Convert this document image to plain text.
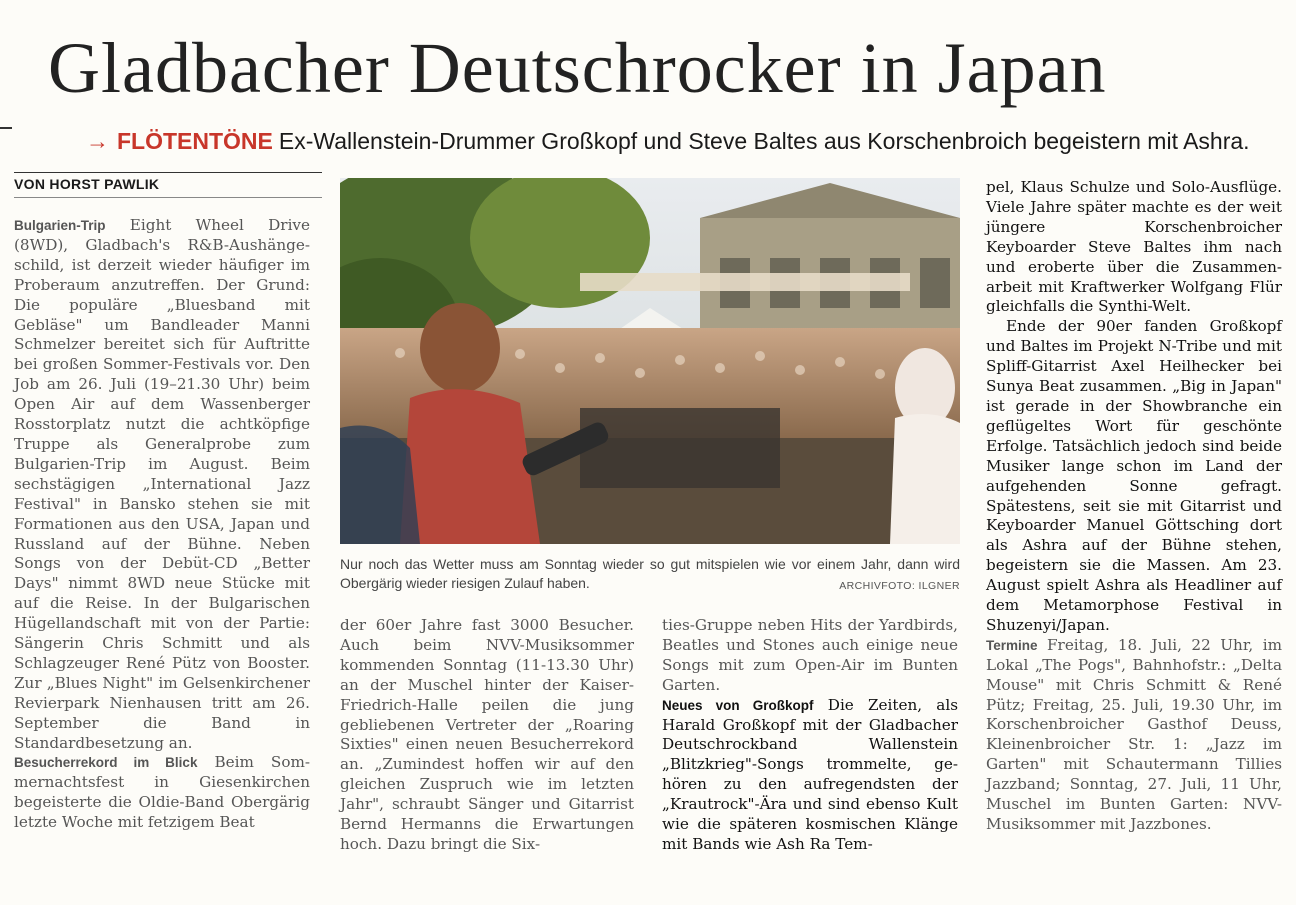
Gladbacher Deutschrocker in Japan
→ FLÖTENTÖNE Ex-Wallenstein-Drummer Großkopf und Steve Baltes aus Korschenbroich begeistern mit Ashra.
VON HORST PAWLIK

Bulgarien-Trip Eight Wheel Drive (8WD), Gladbach's R&B-Aushängeschild, ist derzeit wieder häufiger im Proberaum anzutreffen. Der Grund: Die populäre „Bluesband mit Gebläse" um Bandleader Manni Schmelzer bereitet sich für Auftritte bei großen Sommer-Festivals vor. Den Job am 26. Juli (19–21.30 Uhr) beim Open Air auf dem Wassenberger Rosstorplatz nutzt die achtköpfige Truppe als Generalprobe zum Bulgarien-Trip im August. Beim sechstägigen „International Jazz Festival" in Bansko stehen sie mit Formationen aus den USA, Japan und Russland auf der Bühne. Neben Songs von der Debüt-CD „Better Days" nimmt 8WD neue Stücke mit auf die Reise. In der Bulgarischen Hügellandschaft mit von der Partie: Sängerin Chris Schmitt und als Schlagzeuger René Pütz von Booster. Zur „Blues Night" im Gelsenkirchener Revierpark Nienhausen tritt am 26. September die Band in Standardbesetzung an.

Besucherrekord im Blick Beim Sommernachtsfest in Giesenkirchen begeisterte die Oldie-Band Obergärig letzte Woche mit fetzigem Beat

Nur noch das Wetter muss am Sonntag wieder so gut mitspielen wie vor einem Jahr, dann wird Obergärig wieder riesigen Zulauf haben.	ARCHIVFOTO: ILGNER

der 60er Jahre fast 3000 Besucher. Auch beim NVV-Musiksommer kommenden Sonntag (11-13.30 Uhr) an der Muschel hinter der Kaiser-Friedrich-Halle peilen die jung gebliebenen Vertreter der „Roaring Sixties" einen neuen Besucherrekord an. „Zumindest hoffen wir auf den gleichen Zuspruch wie im letzten Jahr", schraubt Sänger und Gitarrist Bernd Hermanns die Erwartungen hoch. Dazu bringt die Six-

ties-Gruppe neben Hits der Yardbirds, Beatles und Stones auch einige neue Songs mit zum Open-Air im Bunten Garten.

Neues von Großkopf Die Zeiten, als Harald Großkopf mit der Gladbacher Deutschrockband Wallenstein „Blitzkrieg"-Songs trommelte, gehören zu den aufregendsten der „Krautrock"-Ära und sind ebenso Kult wie die späteren kosmischen Klänge mit Bands wie Ash Ra Tem-

pel, Klaus Schulze und Solo-Ausflüge. Viele Jahre später machte es der weit jüngere Korschenbroicher Keyboarder Steve Baltes ihm nach und eroberte über die Zusammenarbeit mit Kraftwerker Wolfgang Flür gleichfalls die Synthi-Welt.

Ende der 90er fanden Großkopf und Baltes im Projekt N-Tribe und mit Spliff-Gitarrist Axel Heilhecker bei Sunya Beat zusammen. „Big in Japan" ist gerade in der Showbranche ein geflügeltes Wort für geschönte Erfolge. Tatsächlich jedoch sind beide Musiker lange schon im Land der aufgehenden Sonne gefragt. Spätestens, seit sie mit Gitarrist und Keyboarder Manuel Göttsching dort als Ashra auf der Bühne stehen, begeistern sie die Massen. Am 23. August spielt Ashra als Headliner auf dem Metamorphose Festival in Shuzenyi/Japan.

Termine Freitag, 18. Juli, 22 Uhr, im Lokal „The Pogs", Bahnhofstr.: „Delta Mouse" mit Chris Schmitt & René Pütz; Freitag, 25. Juli, 19.30 Uhr, im Korschenbroicher Gasthof Deuss, Kleinenbroicher Str. 1: „Jazz im Garten" mit Schautermann Tillies Jazzband; Sonntag, 27. Juli, 11 Uhr, Muschel im Bunten Garten: NVV-Musiksommer mit Jazzbones.
